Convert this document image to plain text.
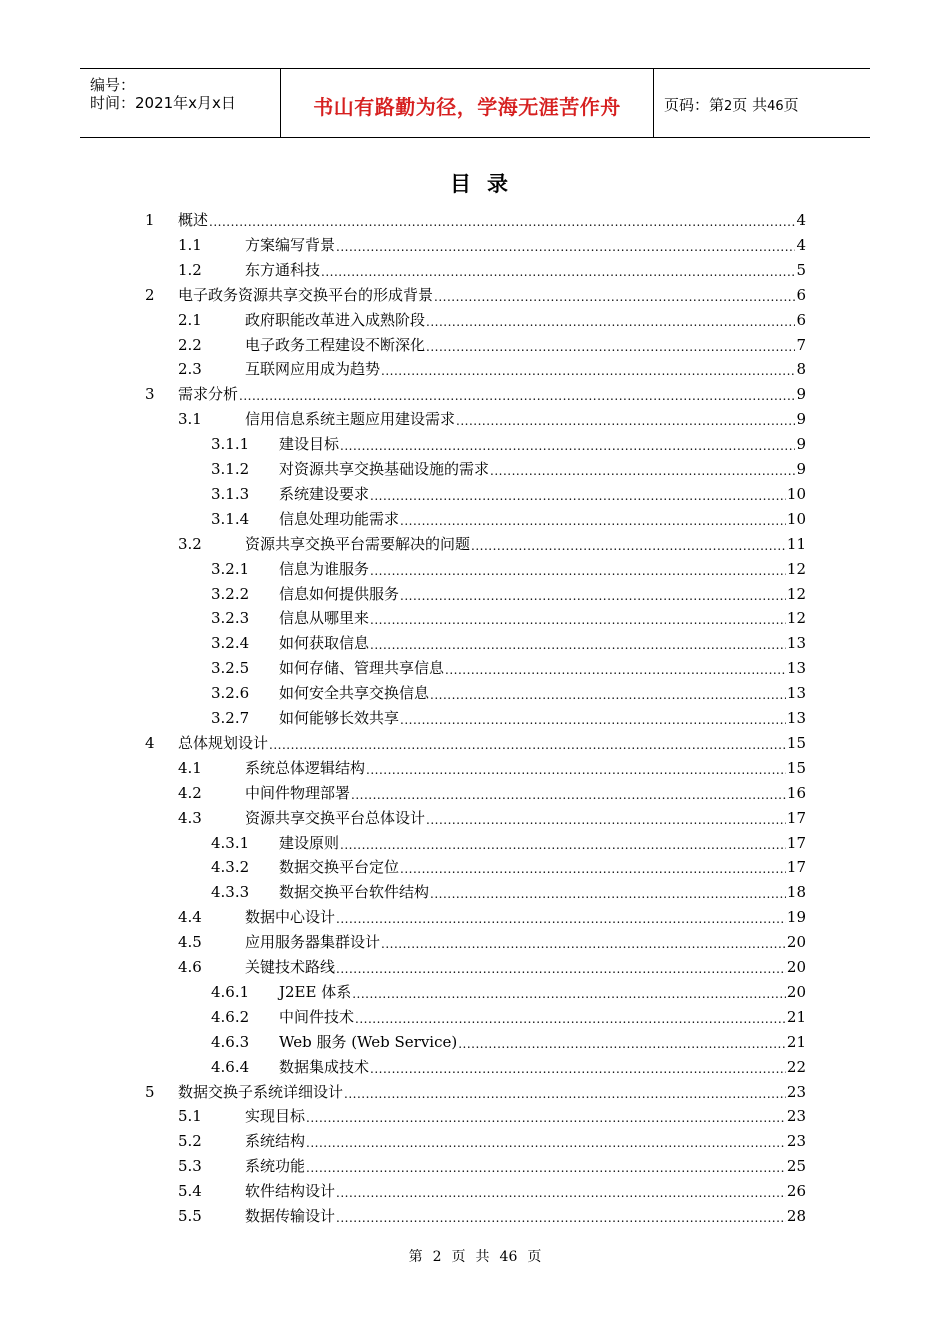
编号：
时间：2021年x月x日	书山有路勤为径，学海无涯苦作舟	页码：第2页 共46页
目录
1 概述 .....	4
1.1	方案编写背景 .....	4
1.2	东方通科技 .....	5
2 电子政务资源共享交换平台的形成背景 .....	6
2.1	政府职能改革进入成熟阶段 .....	6
2.2	电子政务工程建设不断深化 .....	7
2.3	互联网应用成为趋势 .....	8
3 需求分析 .....	9
3.1	信用信息系统主题应用建设需求 .....	9
3.1.1 建设目标 .....	9
3.1.2 对资源共享交换基础设施的需求 .....	9
3.1.3 系统建设要求 .....	10
3.1.4 信息处理功能需求 .....	10
3.2	资源共享交换平台需要解决的问题 .....	11
3.2.1 信息为谁服务 .....	12
3.2.2 信息如何提供服务 .....	12
3.2.3 信息从哪里来 .....	12
3.2.4 如何获取信息 .....	13
3.2.5 如何存储、管理共享信息 .....	13
3.2.6 如何安全共享交换信息 .....	13
3.2.7 如何能够长效共享 .....	13
4 总体规划设计 .....	15
4.1	系统总体逻辑结构 .....	15
4.2	中间件物理部署 .....	16
4.3	资源共享交换平台总体设计 .....	17
4.3.1 建设原则 .....	17
4.3.2 数据交换平台定位 .....	17
4.3.3 数据交换平台软件结构 .....	18
4.4	数据中心设计 .....	19
4.5	应用服务器集群设计 .....	20
4.6	关键技术路线 .....	20
4.6.1 J2EE 体系 .....	20
4.6.2 中间件技术 .....	21
4.6.3 Web 服务 (Web Service) .....	21
4.6.4 数据集成技术 .....	22
5 数据交换子系统详细设计 .....	23
5.1	实现目标 .....	23
5.2	系统结构 .....	23
5.3	系统功能 .....	25
5.4	软件结构设计 .....	26
5.5	数据传输设计 .....	28
第 2 页 共 46 页
